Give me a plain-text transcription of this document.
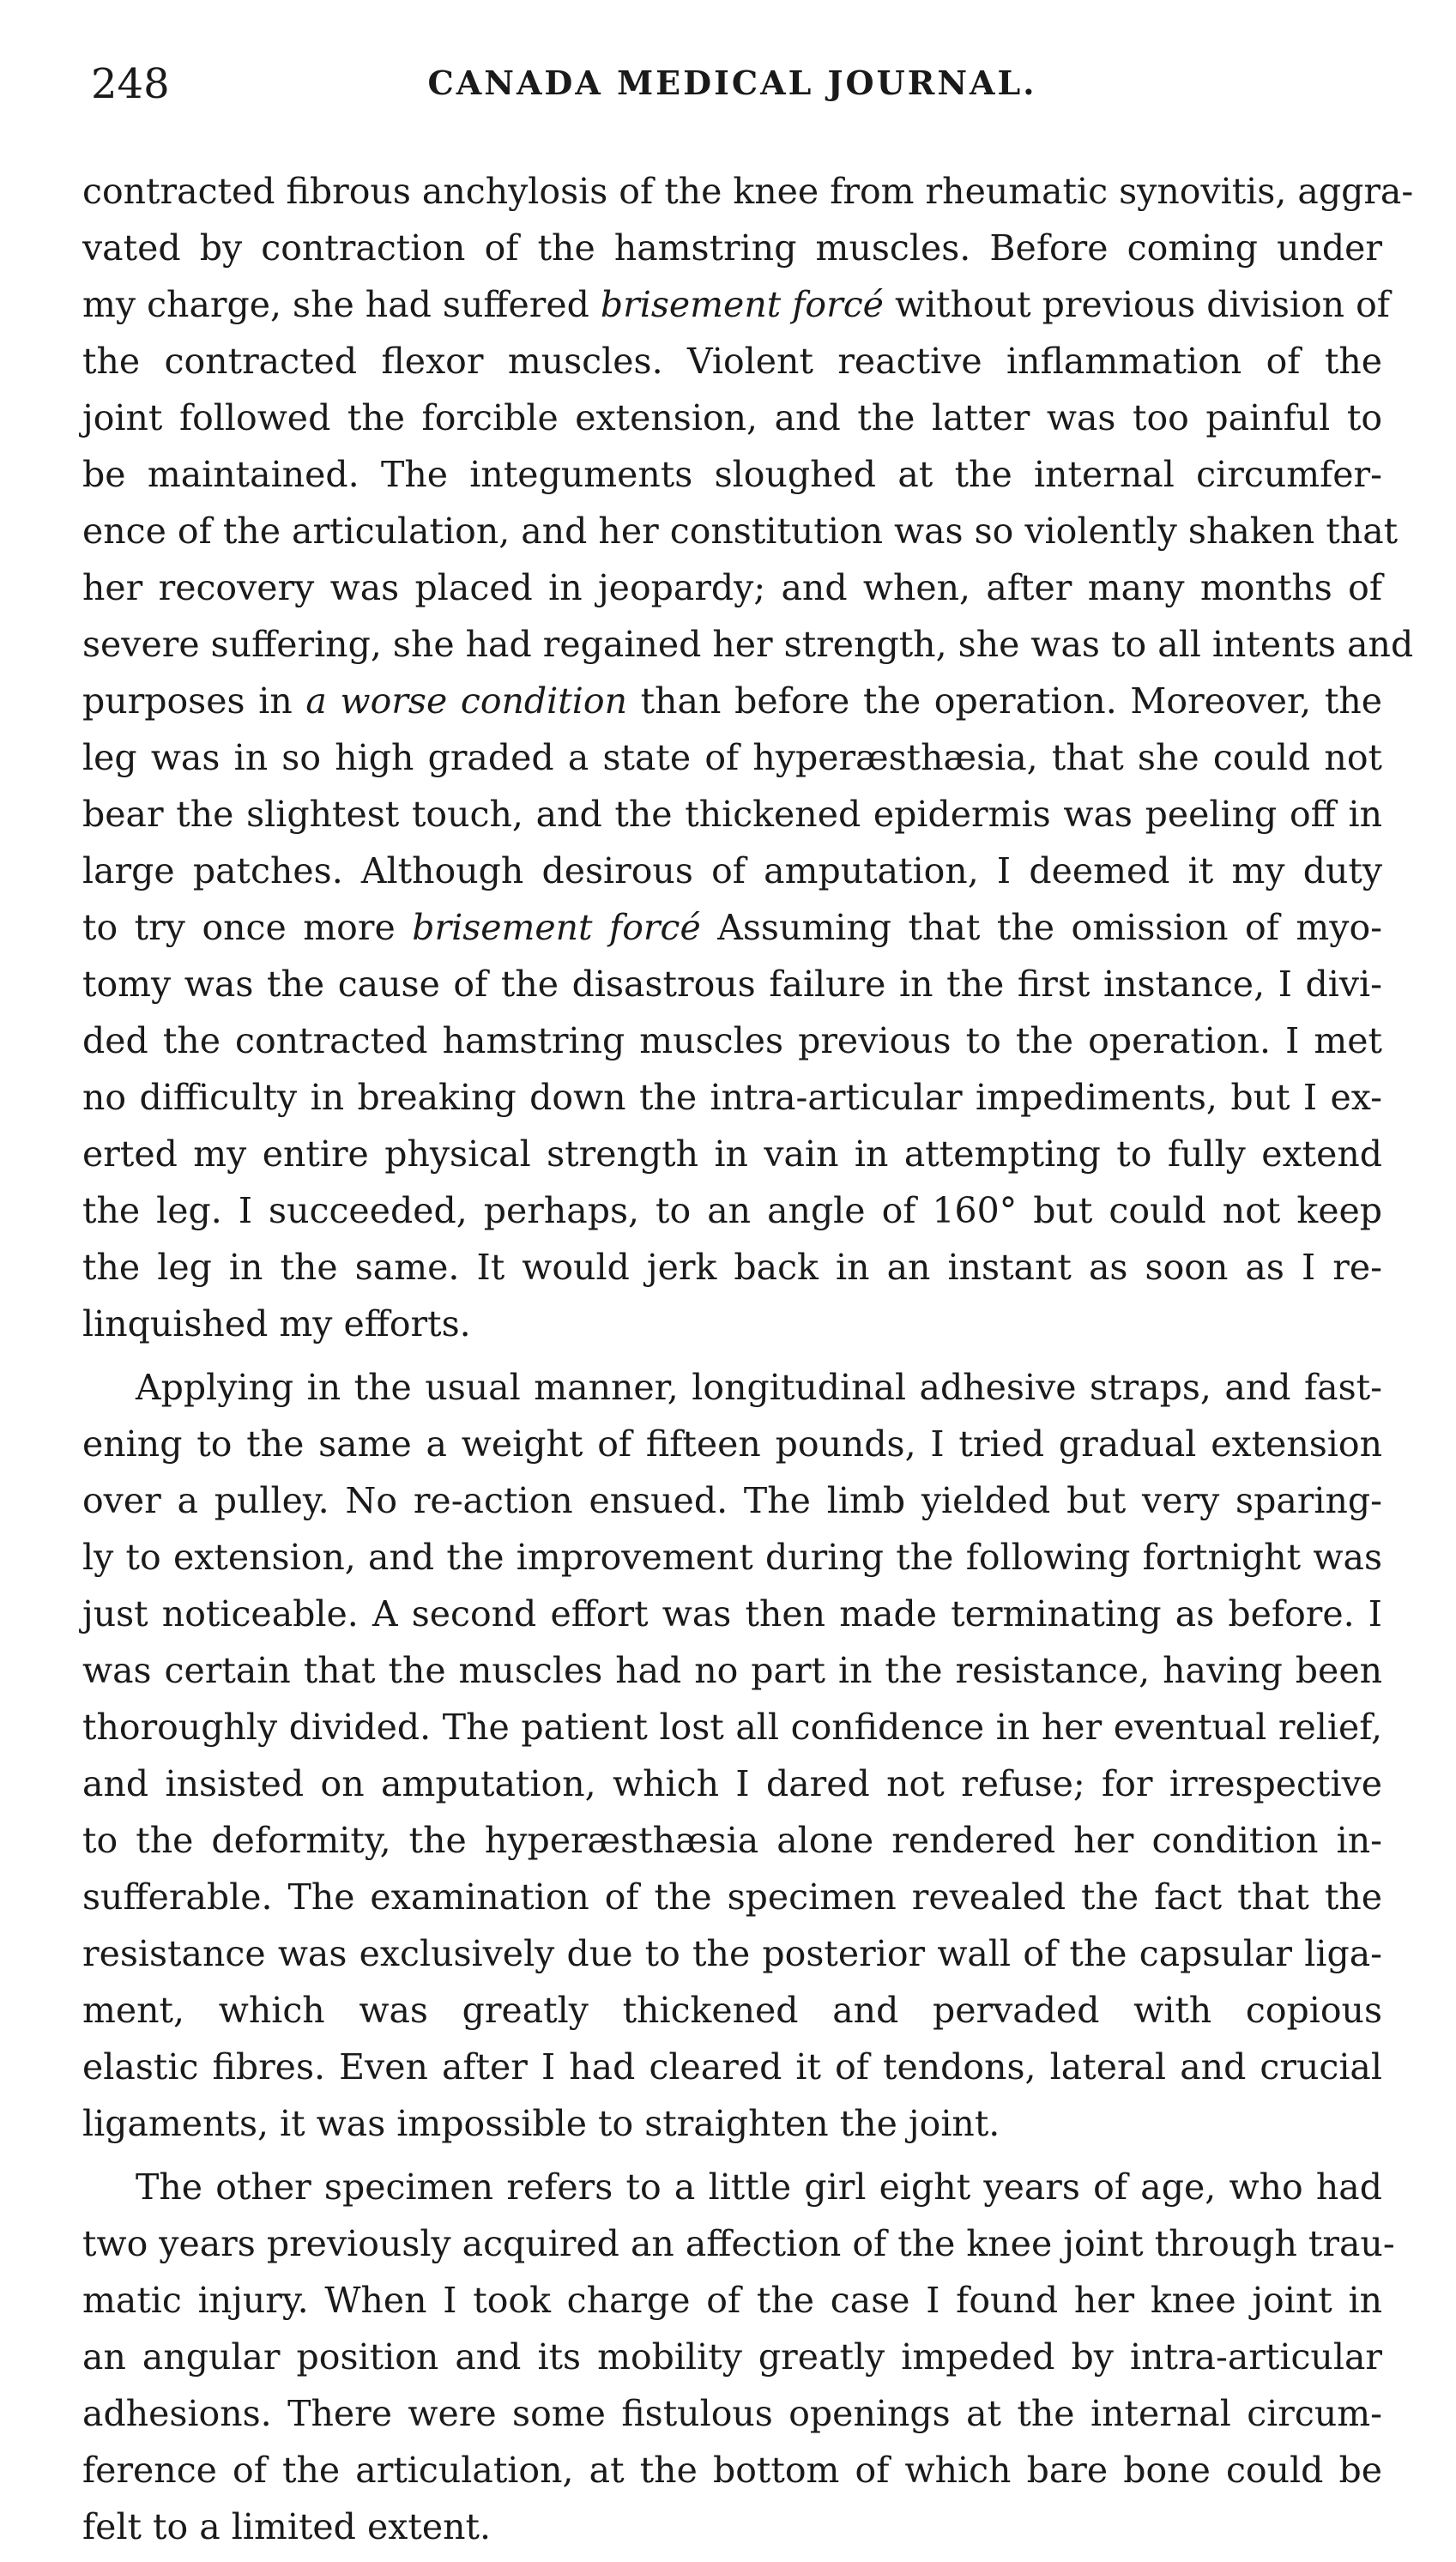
248	CANADA MEDICAL JOURNAL.
contracted fibrous anchylosis of the knee from rheumatic synovitis, aggra-
vated by contraction of the hamstring muscles. Before coming under
my charge, she had suffered brisement forcé without previous division of
the contracted flexor muscles. Violent reactive inflammation of the
joint followed the forcible extension, and the latter was too painful to
be maintained. The integuments sloughed at the internal circumfer-
ence of the articulation, and her constitution was so violently shaken that
her recovery was placed in jeopardy; and when, after many months of
severe suffering, she had regained her strength, she was to all intents and
purposes in a worse condition than before the operation. Moreover, the
leg was in so high graded a state of hyperæsthæsia, that she could not
bear the slightest touch, and the thickened epidermis was peeling off in
large patches. Although desirous of amputation, I deemed it my duty
to try once more brisement forcé Assuming that the omission of myo-
tomy was the cause of the disastrous failure in the first instance, I divi-
ded the contracted hamstring muscles previous to the operation. I met
no difficulty in breaking down the intra-articular impediments, but I ex-
erted my entire physical strength in vain in attempting to fully extend
the leg. I succeeded, perhaps, to an angle of 160° but could not keep
the leg in the same. It would jerk back in an instant as soon as I re-
linquished my efforts.
Applying in the usual manner, longitudinal adhesive straps, and fast-
ening to the same a weight of fifteen pounds, I tried gradual extension
over a pulley. No re-action ensued. The limb yielded but very sparing-
ly to extension, and the improvement during the following fortnight was
just noticeable. A second effort was then made terminating as before. I
was certain that the muscles had no part in the resistance, having been
thoroughly divided. The patient lost all confidence in her eventual relief,
and insisted on amputation, which I dared not refuse; for irrespective
to the deformity, the hyperæsthæsia alone rendered her condition in-
sufferable. The examination of the specimen revealed the fact that the
resistance was exclusively due to the posterior wall of the capsular liga-
ment, which was greatly thickened and pervaded with copious
elastic fibres. Even after I had cleared it of tendons, lateral and crucial
ligaments, it was impossible to straighten the joint.
The other specimen refers to a little girl eight years of age, who had
two years previously acquired an affection of the knee joint through trau-
matic injury. When I took charge of the case I found her knee joint in
an angular position and its mobility greatly impeded by intra-articular
adhesions. There were some fistulous openings at the internal circum-
ference of the articulation, at the bottom of which bare bone could be
felt to a limited extent.
